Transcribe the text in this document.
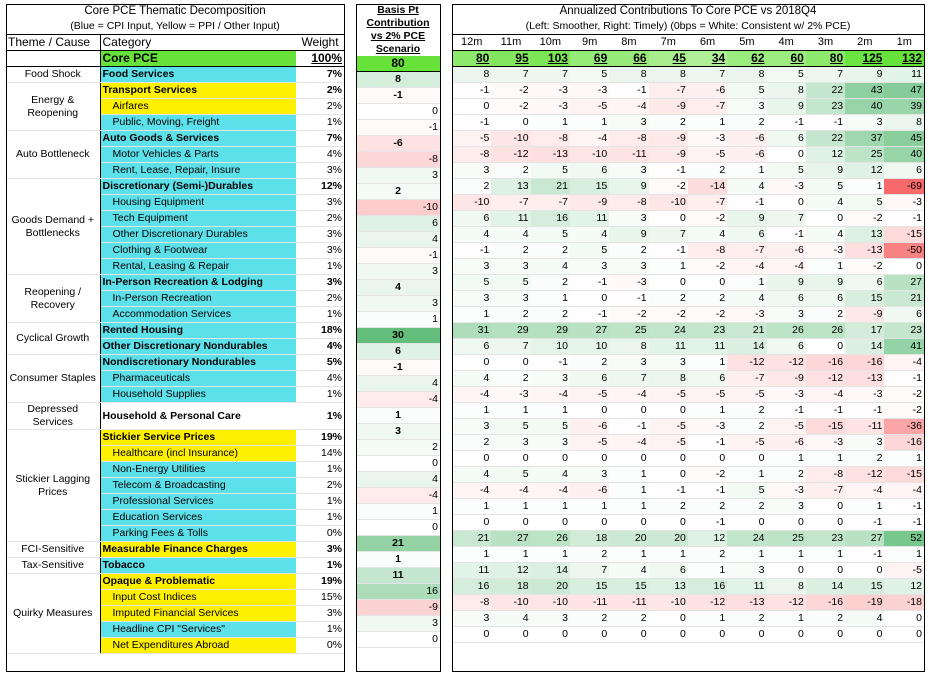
Core PCE Thematic Decomposition		
(Blue = CPI Input, Yellow = PPI / Other Input)		
Theme / Cause	Category	Weight
	Core PCE	100%
Food Shock	Food Services	7%
Energy & Reopening	Transport Services	2%
	Airfares	2%
	Public, Moving, Freight	1%
Auto Bottleneck	Auto Goods & Services	7%
	Motor Vehicles & Parts	4%
	Rent, Lease, Repair, Insure	3%
Goods Demand + Bottlenecks	Discretionary (Semi-)Durables	12%
	Housing Equipment	3%
	Tech Equipment	2%
	Other Discretionary Durables	3%
	Clothing & Footwear	3%
	Rental, Leasing & Repair	1%
Reopening / Recovery	In-Person Recreation & Lodging	3%
	In-Person Recreation	2%
	Accommodation Services	1%
Cyclical Growth	Rented Housing	18%
	Other Discretionary Nondurables	4%
Consumer Staples	Nondiscretionary Nondurables	5%
	Pharmaceuticals	4%
	Household Supplies	1%
Depressed Services	Household & Personal Care	1%
Stickier Lagging Prices	Stickier Service Prices	19%
	Healthcare (incl Insurance)	14%
	Non-Energy Utilities	1%
	Telecom & Broadcasting	2%
	Professional Services	1%
	Education Services	1%
	Parking Fees & Tolls	0%
FCI-Sensitive	Measurable Finance Charges	3%
Tax-Sensitive	Tobacco	1%
Quirky Measures	Opaque & Problematic	19%
	Input Cost Indices	15%
	Imputed Financial Services	3%
	Headline CPI "Services"	1%
	Net Expenditures Abroad	0%
Basis Pt
Contribution
vs 2% PCE
Scenario
80
8
-1
0
-1
-6
-8
3
2
-10
6
4
-1
3
4
3
1
30
6
-1
4
-4
1
3
2
0
4
-4
1
0
21
1
11
16
-9
3
0
Annualized Contributions To Core PCE vs 2018Q4											
(Left: Smoother, Right: Timely) (0bps = White: Consistent w/ 2% PCE)											
12m	11m	10m	9m	8m	7m	6m	5m	4m	3m	2m	1m
80	95	103	69	66	45	34	62	60	80	125	132
8	7	7	5	8	8	7	8	5	7	9	11
-1	-2	-3	-3	-1	-7	-6	5	8	22	43	47
0	-2	-3	-5	-4	-9	-7	3	9	23	40	39
-1	0	1	1	3	2	1	2	-1	-1	3	8
-5	-10	-8	-4	-8	-9	-3	-6	6	22	37	45
-8	-12	-13	-10	-11	-9	-5	-6	0	12	25	40
3	2	5	6	3	-1	2	1	5	9	12	6
2	13	21	15	9	-2	-14	4	-3	5	1	-69
-10	-7	-7	-9	-8	-10	-7	-1	0	4	5	-3
6	11	16	11	3	0	-2	9	7	0	-2	-1
4	4	5	4	9	7	4	6	-1	4	13	-15
-1	2	2	5	2	-1	-8	-7	-6	-3	-13	-50
3	3	4	3	3	1	-2	-4	-4	1	-2	0
5	5	2	-1	-3	0	0	1	9	9	6	27
3	3	1	0	-1	2	2	4	6	6	15	21
1	2	2	-1	-2	-2	-2	-3	3	2	-9	6
31	29	29	27	25	24	23	21	26	26	17	23
6	7	10	10	8	11	11	14	6	0	14	41
0	0	-1	2	3	3	1	-12	-12	-16	-16	-4
4	2	3	6	7	8	6	-7	-9	-12	-13	-1
-4	-3	-4	-5	-4	-5	-5	-5	-3	-4	-3	-2
1	1	1	0	0	0	1	2	-1	-1	-1	-2
3	5	5	-6	-1	-5	-3	2	-5	-15	-11	-36
2	3	3	-5	-4	-5	-1	-5	-6	-3	3	-16
0	0	0	0	0	0	0	0	1	1	2	1
4	5	4	3	1	0	-2	1	2	-8	-12	-15
-4	-4	-4	-6	1	-1	-1	5	-3	-7	-4	-4
1	1	1	1	1	2	2	2	3	0	1	-1
0	0	0	0	0	0	-1	0	0	0	-1	-1
21	27	26	18	20	20	12	24	25	23	27	52
1	1	1	2	1	1	2	1	1	1	-1	1
11	12	14	7	4	6	1	3	0	0	0	-5
16	18	20	15	15	13	16	11	8	14	15	12
-8	-10	-10	-11	-11	-10	-12	-13	-12	-16	-19	-18
3	4	3	2	2	0	1	2	1	2	4	0
0	0	0	0	0	0	0	0	0	0	0	0
